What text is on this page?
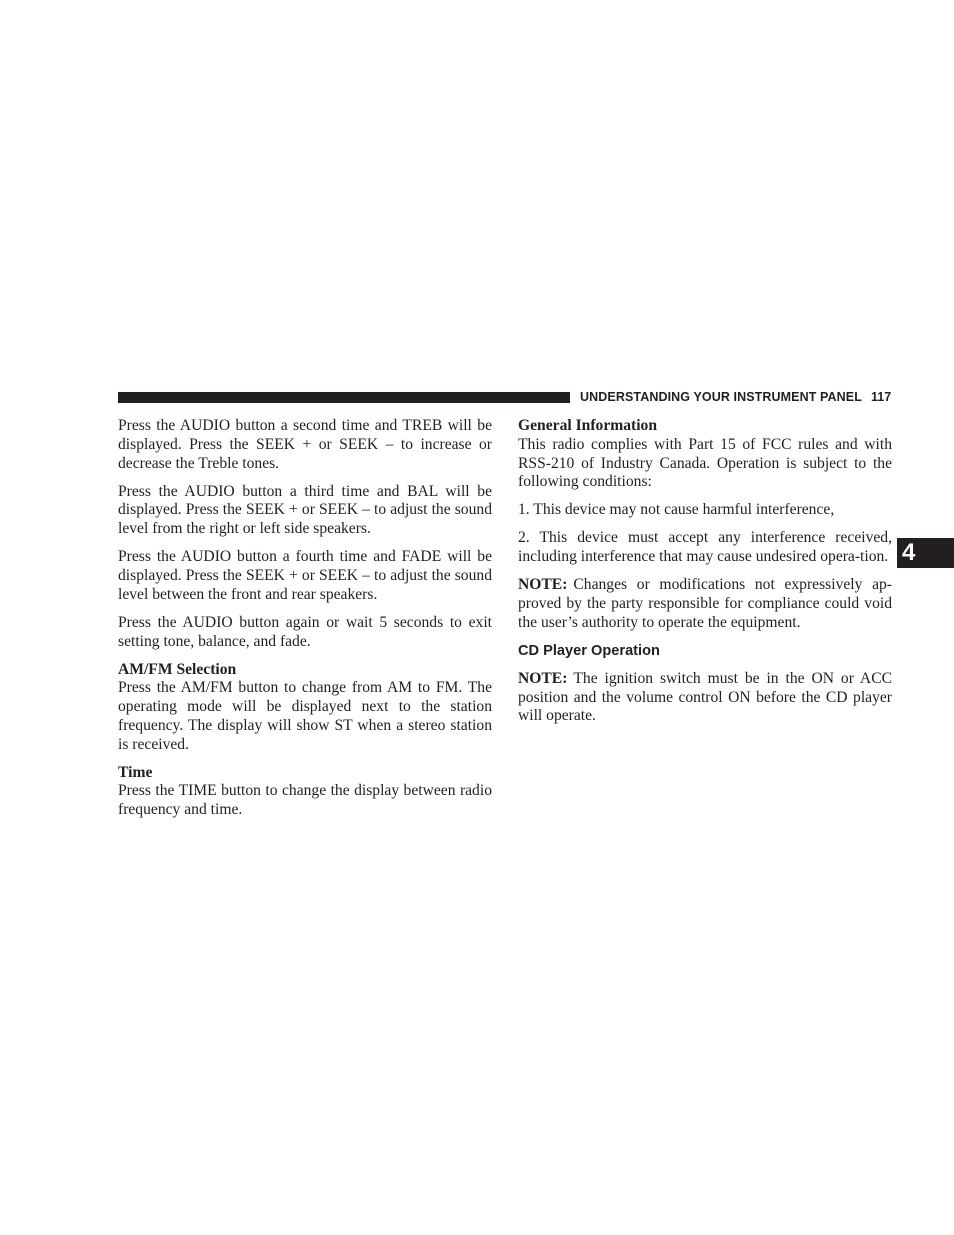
UNDERSTANDING YOUR INSTRUMENT PANEL 117
4

Press the AUDIO button a second time and TREB will be displayed. Press the SEEK + or SEEK – to increase or decrease the Treble tones.

Press the AUDIO button a third time and BAL will be displayed. Press the SEEK + or SEEK – to adjust the sound level from the right or left side speakers.

Press the AUDIO button a fourth time and FADE will be displayed. Press the SEEK + or SEEK – to adjust the sound level between the front and rear speakers.

Press the AUDIO button again or wait 5 seconds to exit setting tone, balance, and fade.

AM/FM Selection

Press the AM/FM button to change from AM to FM. The operating mode will be displayed next to the station frequency. The display will show ST when a stereo station is received.

Time

Press the TIME button to change the display between radio frequency and time.

General Information

This radio complies with Part 15 of FCC rules and with RSS-210 of Industry Canada. Operation is subject to the following conditions:

1. This device may not cause harmful interference,

2. This device must accept any interference received, including interference that may cause undesired opera-tion.

NOTE: Changes or modifications not expressively ap-proved by the party responsible for compliance could void the user’s authority to operate the equipment.

CD Player Operation

NOTE: The ignition switch must be in the ON or ACC position and the volume control ON before the CD player will operate.
